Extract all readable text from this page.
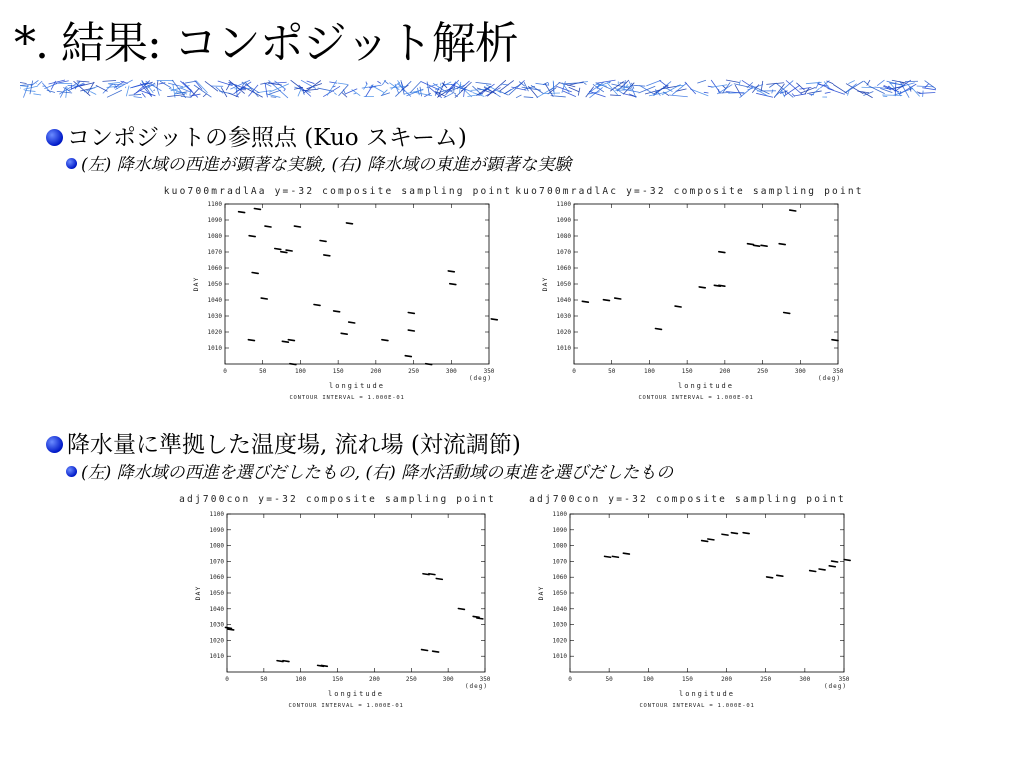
*. 結果: コンポジット解析
コンポジットの参照点 (Kuo スキーム)
(左) 降水域の西進が顕著な実験, (右) 降水域の東進が顕著な実験
降水量に準拠した温度場, 流れ場 (対流調節)
(左) 降水域の西進を選びだしたもの, (右) 降水活動域の東進を選びだしたもの
kuo700mradlAa y=-32 composite sampling point
0	50	100	150	200	250	300	350
1010
1020
1030
1040
1050
1060
1070
1080
1090
1100
(deg)
longitude
DAY
CONTOUR INTERVAL = 1.000E-01
kuo700mradlAc y=-32 composite sampling point
0	50	100	150	200	250	300	350
1010
1020
1030
1040
1050
1060
1070
1080
1090
1100
(deg)
longitude
DAY
CONTOUR INTERVAL = 1.000E-01
adj700con y=-32 composite sampling point
0	50	100	150	200	250	300	350
1010
1020
1030
1040
1050
1060
1070
1080
1090
1100
(deg)
longitude
DAY
CONTOUR INTERVAL = 1.000E-01
adj700con y=-32 composite sampling point
0	50	100	150	200	250	300	350
1010
1020
1030
1040
1050
1060
1070
1080
1090
1100
(deg)
longitude
DAY
CONTOUR INTERVAL = 1.000E-01
